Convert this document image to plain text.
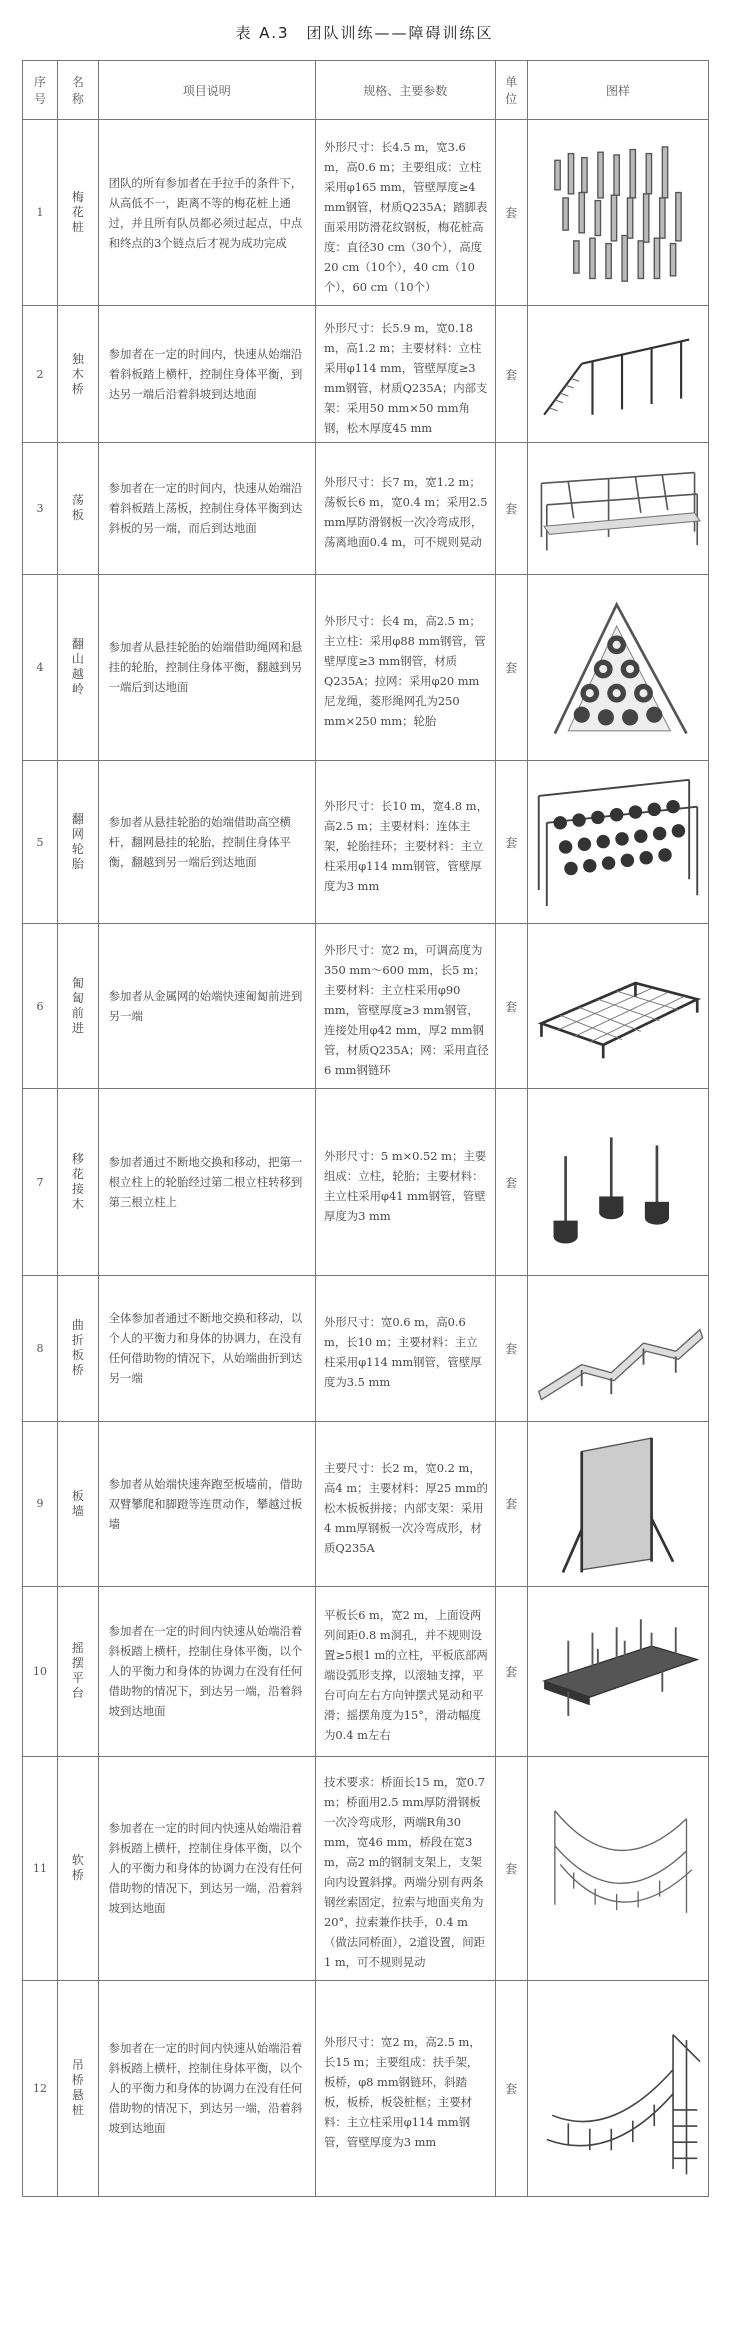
表 A.3　团队训练——障碍训练区
序号	名称	项目说明	规格、主要参数	单位	图样
1	梅花桩	团队的所有参加者在手拉手的条件下，从高低不一，距离不等的梅花桩上通过，并且所有队员都必须过起点，中点和终点的3个链点后才视为成功完成	外形尺寸：长4.5 m，宽3.6 m，高0.6 m；主要组成：立柱采用φ165 mm，管壁厚度≥4 mm钢管，材质Q235A；踏脚表面采用防滑花纹钢板，梅花桩高度：直径30 cm（30个），高度20 cm（10个），40 cm（10个），60 cm（10个）	套	

2	独木桥	参加者在一定的时间内，快速从始端沿着斜板踏上横杆，控制住身体平衡，到达另一端后沿着斜坡到达地面	外形尺寸：长5.9 m，宽0.18 m，高1.2 m；主要材料：立柱采用φ114 mm，管壁厚度≥3 mm钢管，材质Q235A；内部支架：采用50 mm×50 mm角钢，松木厚度45 mm	套	

3	荡板	参加者在一定的时间内，快速从始端沿着斜板踏上荡板，控制住身体平衡到达斜板的另一端，而后到达地面	外形尺寸：长7 m，宽1.2 m；荡板长6 m，宽0.4 m；采用2.5 mm厚防滑钢板一次冷弯成形，荡离地面0.4 m，可不规则晃动	套	

4	翻山越岭	参加者从悬挂轮胎的始端借助绳网和悬挂的轮胎，控制住身体平衡，翻越到另一端后到达地面	外形尺寸：长4 m，高2.5 m；主立柱：采用φ88 mm钢管，管壁厚度≥3 mm钢管，材质Q235A；拉网：采用φ20 mm尼龙绳，菱形绳网孔为250 mm×250 mm；轮胎	套	

5	翻网轮胎	参加者从悬挂轮胎的始端借助高空横杆，翻网悬挂的轮胎，控制住身体平衡，翻越到另一端后到达地面	外形尺寸：长10 m，宽4.8 m，高2.5 m；主要材料：连体主架，轮胎挂环；主要材料：主立柱采用φ114 mm钢管，管壁厚度为3 mm	套	

6	匍匐前进	参加者从金属网的始端快速匍匐前进到另一端	外形尺寸：宽2 m，可调高度为350 mm～600 mm，长5 m；主要材料：主立柱采用φ90 mm，管壁厚度≥3 mm钢管，连接处用φ42 mm，厚2 mm钢管，材质Q235A；网：采用直径6 mm钢链环	套	

7	移花接木	参加者通过不断地交换和移动，把第一根立柱上的轮胎经过第二根立柱转移到第三根立柱上	外形尺寸：5 m×0.52 m；主要组成：立柱，轮胎；主要材料：主立柱采用φ41 mm钢管，管壁厚度为3 mm	套	

8	曲折板桥	全体参加者通过不断地交换和移动，以个人的平衡力和身体的协调力，在没有任何借助物的情况下，从始端曲折到达另一端	外形尺寸：宽0.6 m，高0.6 m，长10 m；主要材料：主立柱采用φ114 mm钢管，管壁厚度为3.5 mm	套	

9	板墙	参加者从始端快速奔跑至板墙前，借助双臂攀爬和脚蹬等连贯动作，攀越过板墙	主要尺寸：长2 m，宽0.2 m，高4 m；主要材料：厚25 mm的松木板板拼接；内部支架：采用4 mm厚钢板一次冷弯成形，材质Q235A	套	

10	摇摆平台	参加者在一定的时间内快速从始端沿着斜板踏上横杆，控制住身体平衡，以个人的平衡力和身体的协调力在没有任何借助物的情况下，到达另一端，沿着斜坡到达地面	平板长6 m，宽2 m，上面设两列间距0.8 m洞孔，并不规则设置≥5根1 m的立柱，平板底部两端设弧形支撑，以滚轴支撑，平台可向左右方向钟摆式晃动和平滑；摇摆角度为15°，滑动幅度为0.4 m左右	套	

11	软桥	参加者在一定的时间内快速从始端沿着斜板踏上横杆，控制住身体平衡，以个人的平衡力和身体的协调力在没有任何借助物的情况下，到达另一端，沿着斜坡到达地面	技术要求：桥面长15 m，宽0.7 m；桥面用2.5 mm厚防滑钢板一次冷弯成形，两端R角30 mm，宽46 mm，桥段在宽3 m，高2 m的钢制支架上，支架向内设置斜撑。两端分别有两条钢丝索固定，拉索与地面夹角为20°，拉索兼作扶手，0.4 m（做法同桥面），2道设置，间距1 m，可不规则晃动	套	

12	吊桥悬桩	参加者在一定的时间内快速从始端沿着斜板踏上横杆，控制住身体平衡，以个人的平衡力和身体的协调力在没有任何借助物的情况下，到达另一端，沿着斜坡到达地面	外形尺寸：宽2 m，高2.5 m，长15 m；主要组成：扶手架，板桥，φ8 mm钢链环，斜踏板，板桥，板袋桩框；主要材料：主立柱采用φ114 mm钢管，管壁厚度为3 mm	套	
